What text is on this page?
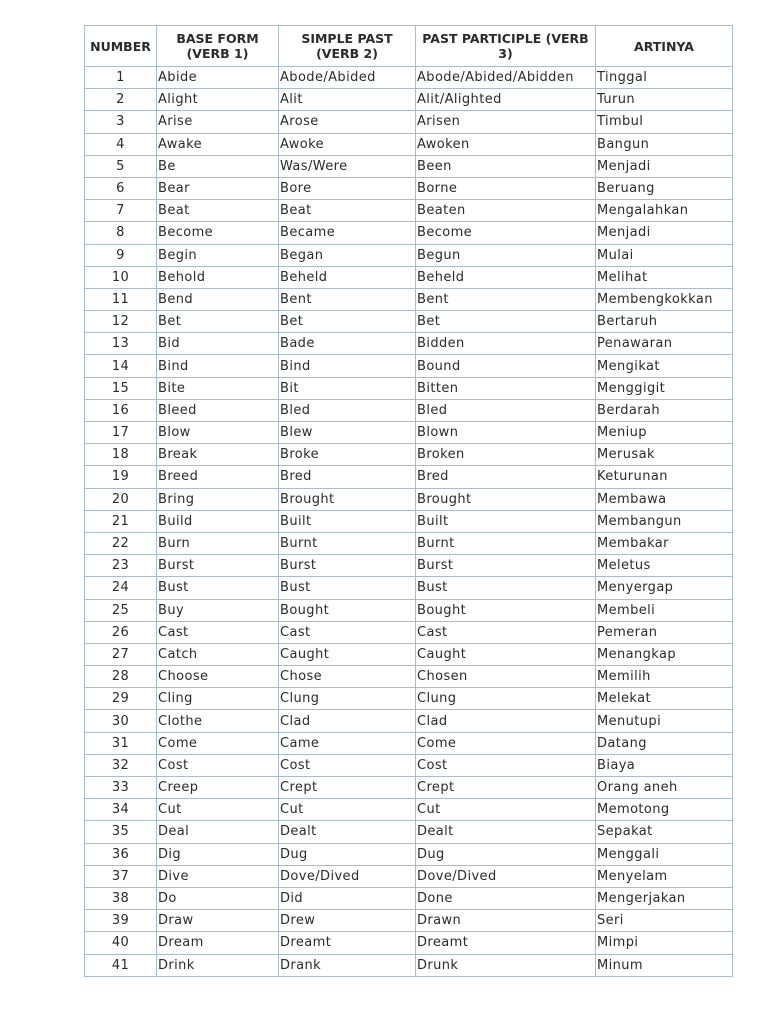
NUMBER	BASE FORM (VERB 1)	SIMPLE PAST (VERB 2)	PAST PARTICIPLE (VERB 3)	ARTINYA
1	Abide	Abode/Abided	Abode/Abided/Abidden	Tinggal
2	Alight	Alit	Alit/Alighted	Turun
3	Arise	Arose	Arisen	Timbul
4	Awake	Awoke	Awoken	Bangun
5	Be	Was/Were	Been	Menjadi
6	Bear	Bore	Borne	Beruang
7	Beat	Beat	Beaten	Mengalahkan
8	Become	Became	Become	Menjadi
9	Begin	Began	Begun	Mulai
10	Behold	Beheld	Beheld	Melihat
11	Bend	Bent	Bent	Membengkokkan
12	Bet	Bet	Bet	Bertaruh
13	Bid	Bade	Bidden	Penawaran
14	Bind	Bind	Bound	Mengikat
15	Bite	Bit	Bitten	Menggigit
16	Bleed	Bled	Bled	Berdarah
17	Blow	Blew	Blown	Meniup
18	Break	Broke	Broken	Merusak
19	Breed	Bred	Bred	Keturunan
20	Bring	Brought	Brought	Membawa
21	Build	Built	Built	Membangun
22	Burn	Burnt	Burnt	Membakar
23	Burst	Burst	Burst	Meletus
24	Bust	Bust	Bust	Menyergap
25	Buy	Bought	Bought	Membeli
26	Cast	Cast	Cast	Pemeran
27	Catch	Caught	Caught	Menangkap
28	Choose	Chose	Chosen	Memilih
29	Cling	Clung	Clung	Melekat
30	Clothe	Clad	Clad	Menutupi
31	Come	Came	Come	Datang
32	Cost	Cost	Cost	Biaya
33	Creep	Crept	Crept	Orang aneh
34	Cut	Cut	Cut	Memotong
35	Deal	Dealt	Dealt	Sepakat
36	Dig	Dug	Dug	Menggali
37	Dive	Dove/Dived	Dove/Dived	Menyelam
38	Do	Did	Done	Mengerjakan
39	Draw	Drew	Drawn	Seri
40	Dream	Dreamt	Dreamt	Mimpi
41	Drink	Drank	Drunk	Minum
